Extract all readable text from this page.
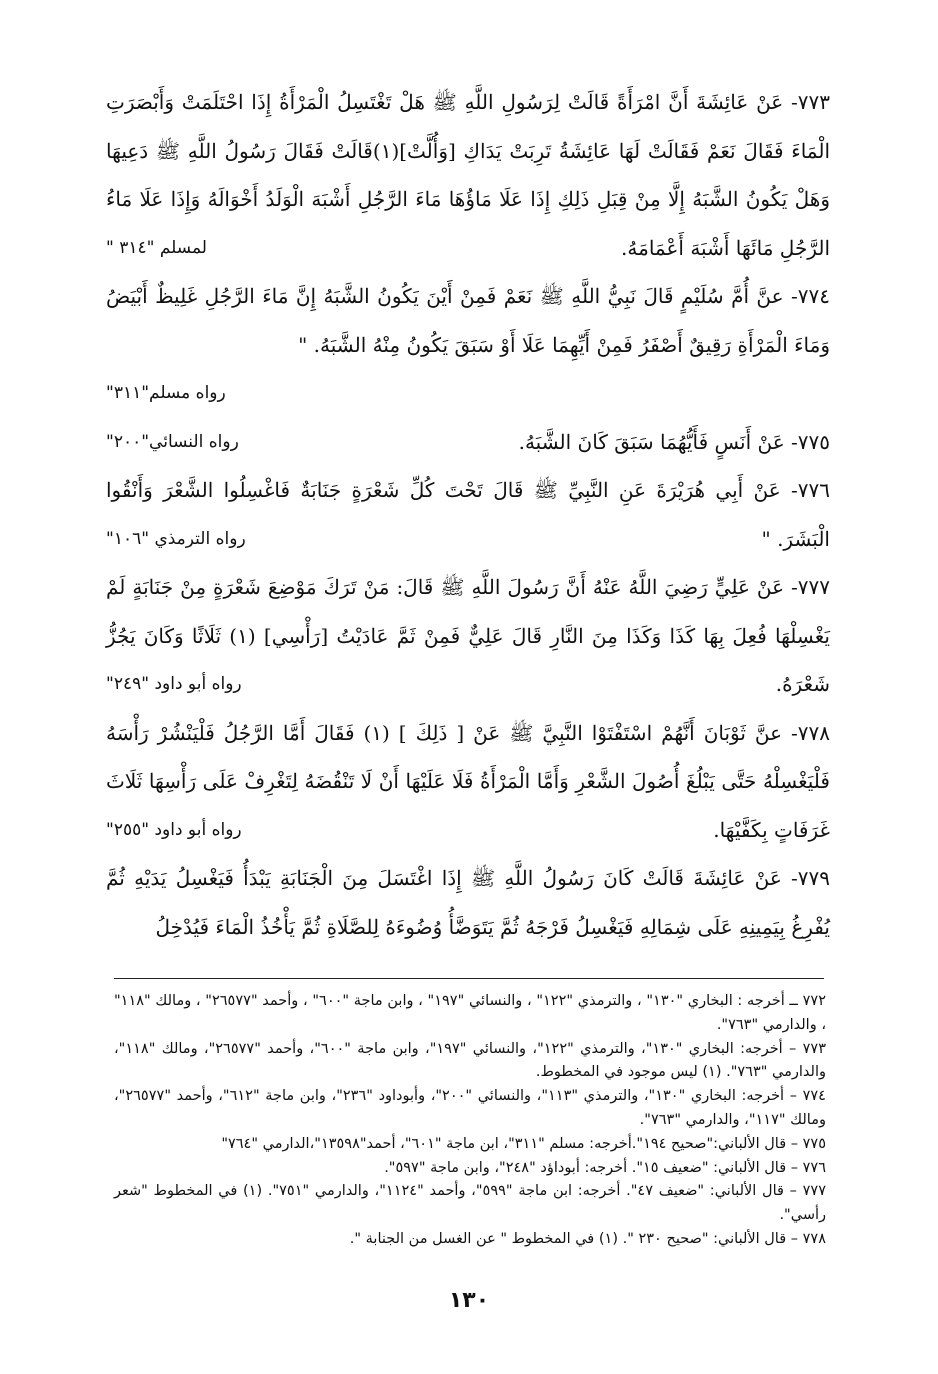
٧٧٣- عَنْ عَائِشَةَ أَنَّ امْرَأَةً قَالَتْ لِرَسُولِ اللَّهِ ﷺ هَلْ تَغْتَسِلُ الْمَرْأَةُ إِذَا احْتَلَمَتْ وَأَبْصَرَتِ الْمَاءَ فَقَالَ نَعَمْ فَقَالَتْ لَهَا عَائِشَةُ تَرِبَتْ يَدَاكِ [وَأُلَّتْ](١)قَالَتْ فَقَالَ رَسُولُ اللَّهِ ﷺ دَعِيهَا وَهَلْ يَكُونُ الشَّبَهُ إِلَّا مِنْ قِبَلِ ذَلِكِ إِذَا عَلَا مَاؤُهَا مَاءَ الرَّجُلِ أَشْبَهَ الْوَلَدُ أَخْوَالَهُ وَإِذَا عَلَا مَاءُ الرَّجُلِ مَائَهَا أَشْبَهَ أَعْمَامَهُ.
لمسلم "٣١٤ "
٧٧٤- عنَّ أُمَّ سُلَيْمٍ قَالَ نَبِيُّ اللَّهِ ﷺ نَعَمْ فَمِنْ أَيْنَ يَكُونُ الشَّبَهُ إِنَّ مَاءَ الرَّجُلِ غَلِيظٌ أَبْيَضُ وَمَاءَ الْمَرْأَةِ رَقِيقٌ أَصْفَرُ فَمِنْ أَيِّهِمَا عَلَا أَوْ سَبَقَ يَكُونُ مِنْهُ الشَّبَهُ. "
رواه مسلم"٣١١"
٧٧٥- عَنْ أَنَسٍ فَأَيُّهُمَا سَبَقَ كَانَ الشَّبَهُ.
رواه النسائي"٢٠٠"
٧٧٦- عَنْ أَبِي هُرَيْرَةَ عَنِ النَّبِيِّ ﷺ قَالَ تَحْتَ كُلِّ شَعْرَةٍ جَنَابَةٌ فَاغْسِلُوا الشَّعْرَ وَأَنْقُوا الْبَشَرَ. "
رواه الترمذي "١٠٦"
٧٧٧- عَنْ عَلِيٍّ رَضِيَ اللَّهُ عَنْهُ أَنَّ رَسُولَ اللَّهِ ﷺ قَالَ: مَنْ تَرَكَ مَوْضِعَ شَعْرَةٍ مِنْ جَنَابَةٍ لَمْ يَغْسِلْهَا فُعِلَ بِهَا كَذَا وَكَذَا مِنَ النَّارِ قَالَ عَلِيٌّ فَمِنْ ثَمَّ عَادَيْتُ [رَأْسِي] (١) ثَلَاثًا وَكَانَ يَجُزُّ شَعْرَهُ.
رواه أبو داود "٢٤٩"
٧٧٨- عنَّ ثَوْبَانَ أَنَّهُمْ اسْتَفْتَوْا النَّبِيَّ ﷺ عَنْ [ ذَلِكَ ] (١) فَقَالَ أَمَّا الرَّجُلُ فَلْيَنْشُرْ رَأْسَهُ فَلْيَغْسِلْهُ حَتَّى يَبْلُغَ أُصُولَ الشَّعْرِ وَأَمَّا الْمَرْأَةُ فَلَا عَلَيْهَا أَنْ لَا تَنْقُضَهُ لِتَغْرِفْ عَلَى رَأْسِهَا ثَلَاثَ غَرَفَاتٍ بِكَفَّيْهَا.
رواه أبو داود "٢٥٥"
٧٧٩- عَنْ عَائِشَةَ قَالَتْ كَانَ رَسُولُ اللَّهِ ﷺ إِذَا اغْتَسَلَ مِنَ الْجَنَابَةِ يَبْدَأُ فَيَغْسِلُ يَدَيْهِ ثُمَّ يُفْرِغُ بِيَمِينِهِ عَلَى شِمَالِهِ فَيَغْسِلُ فَرْجَهُ ثُمَّ يَتَوَضَّأُ وُضُوءَهُ لِلصَّلَاةِ ثُمَّ يَأْخُذُ الْمَاءَ فَيُدْخِلُ

٧٧٢ ــ أخرجه : البخاري "١٣٠" ، والترمذي "١٢٢" ، والنسائي "١٩٧" ، وابن ماجة "٦٠٠" ، وأحمد "٢٦٥٧٧" ، ومالك "١١٨" ، والدارمي "٧٦٣".

٧٧٣ – أخرجه: البخاري "١٣٠"، والترمذي "١٢٢"، والنسائي "١٩٧"، وابن ماجة "٦٠٠"، وأحمد "٢٦٥٧٧"، ومالك "١١٨"، والدارمي "٧٦٣". (١) ليس موجود في المخطوط.

٧٧٤ – أخرجه: البخاري "١٣٠"، والترمذي "١١٣"، والنسائي "٢٠٠"، وأبوداود "٢٣٦"، وابن ماجة "٦١٢"، وأحمد "٢٦٥٧٧"، ومالك "١١٧"، والدارمي "٧٦٣".

٧٧٥ – قال الألباني:"صحيح ١٩٤".أخرجه: مسلم "٣١١"، ابن ماجة "٦٠١"، أحمد"١٣٥٩٨"،الدارمي "٧٦٤"

٧٧٦ – قال الألباني: "ضعيف ١٥". أخرجه: أبوداؤد "٢٤٨"، وابن ماجة "٥٩٧".

٧٧٧ – قال الألباني: "ضعيف ٤٧". أخرجه: ابن ماجة "٥٩٩"، وأحمد "١١٢٤"، والدارمي "٧٥١". (١) في المخطوط "شعر رأسي".

٧٧٨ – قال الألباني: "صحيح ٢٣٠ ". (١) في المخطوط " عن الغسل من الجنابة ".

١٣٠
